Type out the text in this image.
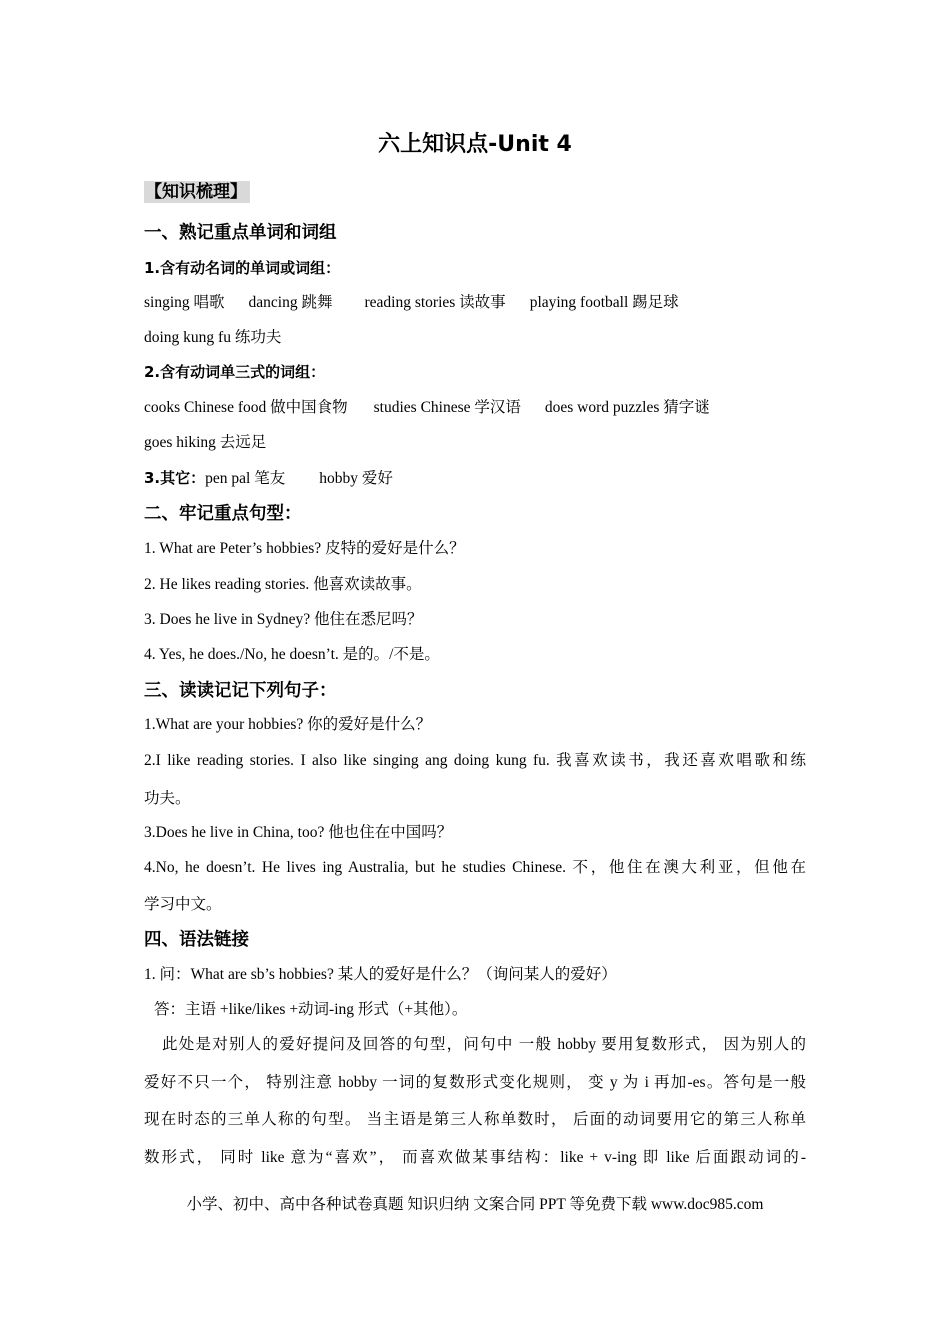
六上知识点-Unit 4
【知识梳理】
一、熟记重点单词和词组
1.含有动名词的单词或词组：
singing 唱歌 dancing 跳舞 reading stories 读故事 playing football 踢足球
doing kung fu 练功夫
2.含有动词单三式的词组：
cooks Chinese food 做中国食物 studies Chinese 学汉语 does word puzzles 猜字谜
goes hiking 去远足
3.其它：pen pal 笔友 hobby 爱好
二、牢记重点句型：
1. What are Peter’s hobbies? 皮特的爱好是什么？
2. He likes reading stories. 他喜欢读故事。
3. Does he live in Sydney? 他住在悉尼吗？
4. Yes, he does./No, he doesn’t. 是的。/不是。
三、读读记记下列句子：
1.What are your hobbies? 你的爱好是什么？
2.I like reading stories. I also like singing ang doing kung fu. 我喜欢读书，我还喜欢唱歌和练
功夫。
3.Does he live in China, too? 他也住在中国吗？
4.No, he doesn’t. He lives ing Australia, but he studies Chinese. 不，他住在澳大利亚，但他在
学习中文。
四、语法链接
1. 问：What are sb’s hobbies? 某人的爱好是什么？（询问某人的爱好）
答：主语 +like/likes +动词-ing 形式（+其他）。
此处是对别人的爱好提问及回答的句型，问句中 一般 hobby 要用复数形式， 因为别人的
爱好不只一个， 特别注意 hobby 一词的复数形式变化规则， 变 y 为 i 再加-es。答句是一般
现在时态的三单人称的句型。 当主语是第三人称单数时， 后面的动词要用它的第三人称单
数形式， 同时 like 意为“喜欢”， 而喜欢做某事结构：like + v-ing 即 like 后面跟动词的-
小学、初中、高中各种试卷真题 知识归纳 文案合同 PPT 等免费下载 www.doc985.com
